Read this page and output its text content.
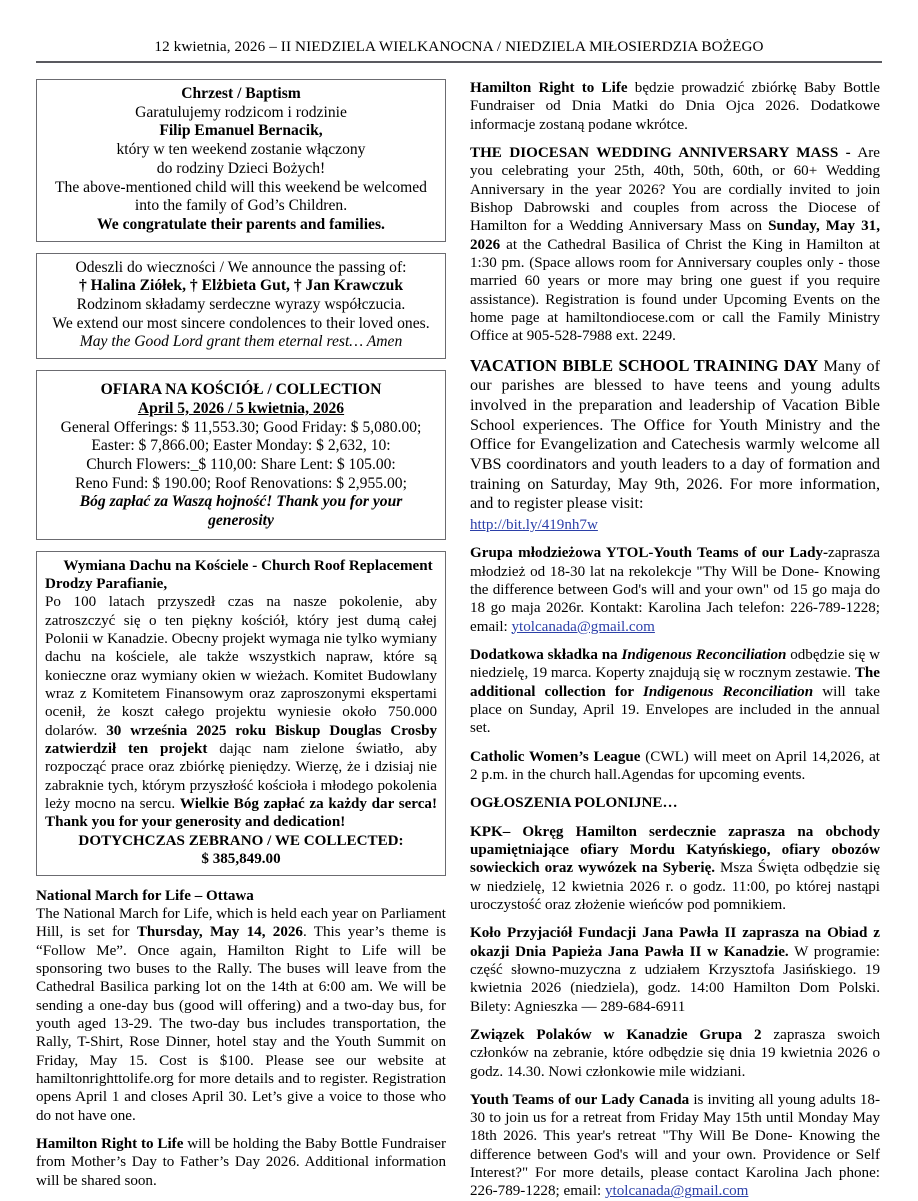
12 kwietnia, 2026 – II NIEDZIELA WIELKANOCNA / NIEDZIELA MIŁOSIERDZIA BOŻEGO
Chrzest / Baptism
Garatulujemy rodzicom i rodzinie
Filip Emanuel Bernacik,
który w ten weekend zostanie włączony
do rodziny Dzieci Bożych!
The above-mentioned child will this weekend be welcomed
into the family of God’s Children.
We congratulate their parents and families.
Odeszli do wieczności / We announce the passing of:
† Halina Ziółek, † Elżbieta Gut, † Jan Krawczuk
Rodzinom składamy serdeczne wyrazy współczucia.
We extend our most sincere condolences to their loved ones.
May the Good Lord grant them eternal rest… Amen
OFIARA NA KOŚCIÓŁ / COLLECTION
April 5, 2026 / 5 kwietnia, 2026
General Offerings: $ 11,553.30; Good Friday: $ 5,080.00;
Easter: $ 7,866.00; Easter Monday: $ 2,632, 10:
Church Flowers:_$ 110,00: Share Lent: $ 105.00:
Reno Fund: $ 190.00; Roof Renovations: $ 2,955.00;
Bóg zapłać za Waszą hojność! Thank you for your generosity

Wymiana Dachu na Kościele - Church Roof Replacement

Drodzy Parafianie,

Po 100 latach przyszedł czas na nasze pokolenie, aby zatroszczyć się o ten piękny kościół, który jest dumą całej Polonii w Kanadzie. Obecny projekt wymaga nie tylko wymiany dachu na kościele, ale także wszystkich napraw, które są konieczne oraz wymiany okien w wieżach. Komitet Budowlany wraz z Komitetem Finansowym oraz zaproszonymi ekspertami ocenił, że koszt całego projektu wyniesie około 750.000 dolarów. 30 września 2025 roku Biskup Douglas Crosby zatwierdził ten projekt dając nam zielone światło, aby rozpocząć prace oraz zbiórkę pieniędzy. Wierzę, że i dzisiaj nie zabraknie tych, którym przyszłość kościoła i młodego pokolenia leży mocno na sercu. Wielkie Bóg zapłać za każdy dar serca! Thank you for your generosity and dedication!

DOTYCHCZAS ZEBRANO / WE COLLECTED:

$ 385,849.00

National March for Life – Ottawa

The National March for Life, which is held each year on Parliament Hill, is set for Thursday, May 14, 2026. This year’s theme is “Follow Me”. Once again, Hamilton Right to Life will be sponsoring two buses to the Rally. The buses will leave from the Cathedral Basilica parking lot on the 14th at 6:00 am. We will be sending a one-day bus (good will offering) and a two-day bus, for youth aged 13-29. The two-day bus includes transportation, the Rally, T-Shirt, Rose Dinner, hotel stay and the Youth Summit on Friday, May 15. Cost is $100. Please see our website at hamiltonrighttolife.org for more details and to register. Registration opens April 1 and closes April 30. Let’s give a voice to those who do not have one.

Hamilton Right to Life will be holding the Baby Bottle Fundraiser from Mother’s Day to Father’s Day 2026. Additional information will be shared soon.

Hamilton Right to Life będzie prowadzić zbiórkę Baby Bottle Fundraiser od Dnia Matki do Dnia Ojca 2026. Dodatkowe informacje zostaną podane wkrótce.

THE DIOCESAN WEDDING ANNIVERSARY MASS - Are you celebrating your 25th, 40th, 50th, 60th, or 60+ Wedding Anniversary in the year 2026? You are cordially invited to join Bishop Dabrowski and couples from across the Diocese of Hamilton for a Wedding Anniversary Mass on Sunday, May 31, 2026 at the Cathedral Basilica of Christ the King in Hamilton at 1:30 pm. (Space allows room for Anniversary couples only - those married 60 years or more may bring one guest if you require assistance). Registration is found under Upcoming Events on the home page at hamiltondiocese.com or call the Family Ministry Office at 905-528-7988 ext. 2249.

VACATION BIBLE SCHOOL TRAINING DAY Many of our parishes are blessed to have teens and young adults involved in the preparation and leadership of Vacation Bible School experiences. The Office for Youth Ministry and the Office for Evangelization and Catechesis warmly welcome all VBS coordinators and youth leaders to a day of formation and training on Saturday, May 9th, 2026. For more information, and to register please visit:

http://bit.ly/419nh7w

Grupa młodzieżowa YTOL-Youth Teams of our Lady-zaprasza młodzież od 18-30 lat na rekolekcje "Thy Will be Done- Knowing the difference between God's will and your own" od 15 go maja do 18 go maja 2026r. Kontakt: Karolina Jach telefon: 226-789-1228; email: ytolcanada@gmail.com

Dodatkowa składka na Indigenous Reconciliation odbędzie się w niedzielę, 19 marca. Koperty znajdują się w rocznym zestawie. The additional collection for Indigenous Reconciliation will take place on Sunday, April 19. Envelopes are included in the annual set.

Catholic Women’s League (CWL) will meet on April 14,2026, at 2 p.m. in the church hall.Agendas for upcoming events.

OGŁOSZENIA POLONIJNE…

KPK– Okręg Hamilton serdecznie zaprasza na obchody upamiętniające ofiary Mordu Katyńskiego, ofiary obozów sowieckich oraz wywózek na Syberię. Msza Święta odbędzie się w niedzielę, 12 kwietnia 2026 r. o godz. 11:00, po której nastąpi uroczystość oraz złożenie wieńców pod pomnikiem.

Koło Przyjaciół Fundacji Jana Pawła II zaprasza na Obiad z okazji Dnia Papieża Jana Pawła II w Kanadzie. W programie: część słowno-muzyczna z udziałem Krzysztofa Jasińskiego. 19 kwietnia 2026 (niedziela), godz. 14:00 Hamilton Dom Polski. Bilety: Agnieszka — 289-684-6911

Związek Polaków w Kanadzie Grupa 2 zaprasza swoich członków na zebranie, które odbędzie się dnia 19 kwietnia 2026 o godz. 14.30. Nowi członkowie mile widziani.

Youth Teams of our Lady Canada is inviting all young adults 18-30 to join us for a retreat from Friday May 15th until Monday May 18th 2026. This year's retreat "Thy Will Be Done- Knowing the difference between God's will and your own. Providence or Self Interest?" For more details, please contact Karolina Jach phone: 226-789-1228; email: ytolcanada@gmail.com
